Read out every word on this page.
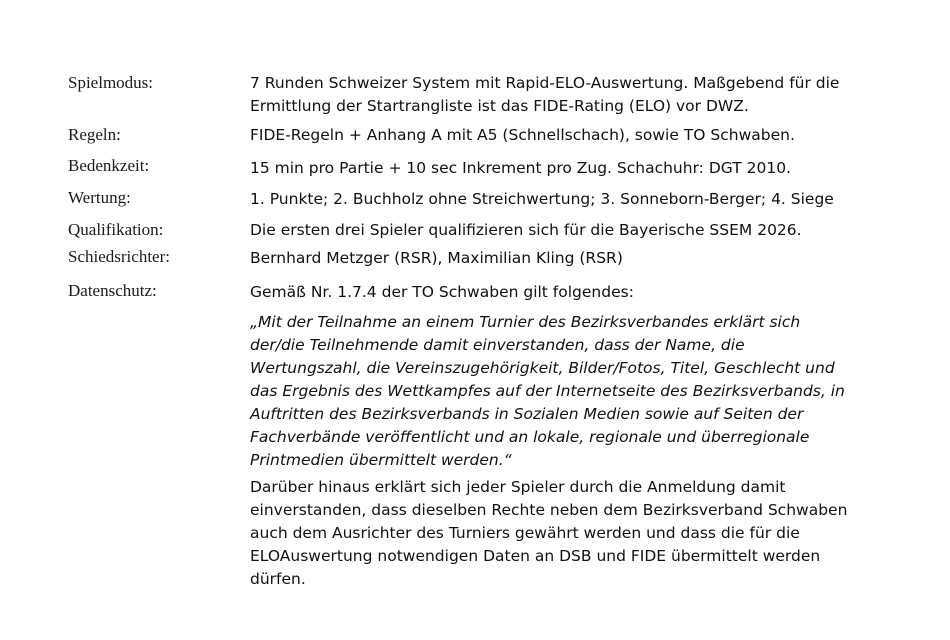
Spielmodus:	7 Runden Schweizer System mit Rapid-ELO-Auswertung. Maßgebend für die
Ermittlung der Startrangliste ist das FIDE-Rating (ELO) vor DWZ.
Regeln:	FIDE-Regeln + Anhang A mit A5 (Schnellschach), sowie TO Schwaben.
Bedenkzeit:	15 min pro Partie + 10 sec Inkrement pro Zug. Schachuhr: DGT 2010.
Wertung:	1. Punkte; 2. Buchholz ohne Streichwertung; 3. Sonneborn-Berger; 4. Siege
Qualifikation:	Die ersten drei Spieler qualifizieren sich für die Bayerische SSEM 2026.
Schiedsrichter:	Bernhard Metzger (RSR), Maximilian Kling (RSR)
Datenschutz:	Gemäß Nr. 1.7.4 der TO Schwaben gilt folgendes:
„Mit der Teilnahme an einem Turnier des Bezirksverbandes erklärt sich
der/die Teilnehmende damit einverstanden, dass der Name, die
Wertungszahl, die Vereinszugehörigkeit, Bilder/Fotos, Titel, Geschlecht und
das Ergebnis des Wettkampfes auf der Internetseite des Bezirksverbands, in
Auftritten des Bezirksverbands in Sozialen Medien sowie auf Seiten der
Fachverbände veröffentlicht und an lokale, regionale und überregionale
Printmedien übermittelt werden.“
Darüber hinaus erklärt sich jeder Spieler durch die Anmeldung damit
einverstanden, dass dieselben Rechte neben dem Bezirksverband Schwaben
auch dem Ausrichter des Turniers gewährt werden und dass die für die
ELOAuswertung notwendigen Daten an DSB und FIDE übermittelt werden
dürfen.
